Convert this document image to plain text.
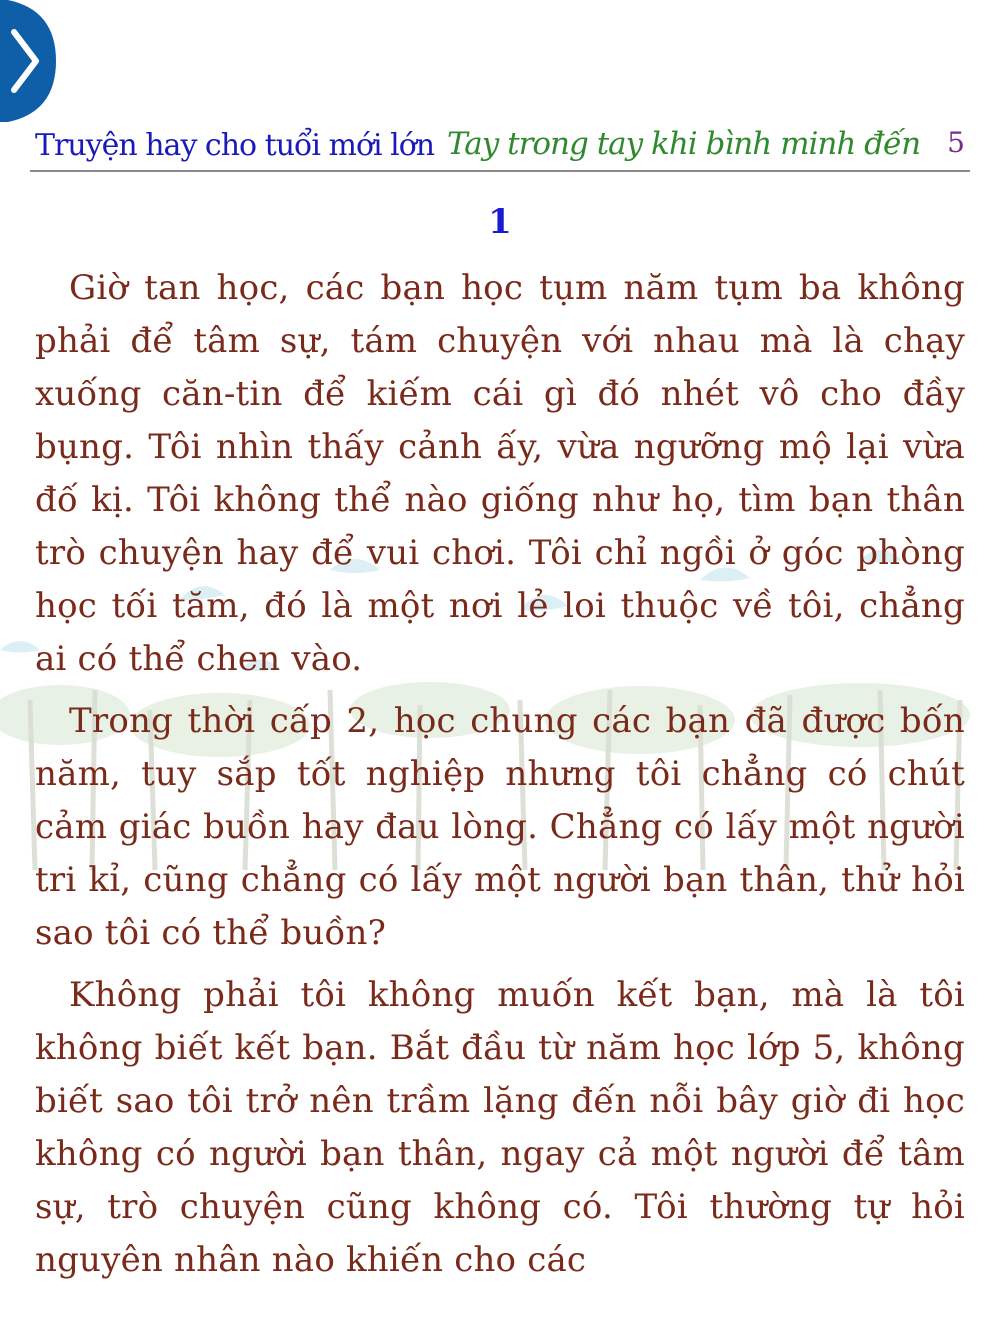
Truyện hay cho tuổi mới lớn Tay trong tay khi bình minh đến 5
1

Giờ tan học, các bạn học tụm năm tụm ba không phải để tâm sự, tám chuyện với nhau mà là chạy xuống căn-tin để kiếm cái gì đó nhét vô cho đầy bụng. Tôi nhìn thấy cảnh ấy, vừa ngưỡng mộ lại vừa đố kị. Tôi không thể nào giống như họ, tìm bạn thân trò chuyện hay để vui chơi. Tôi chỉ ngồi ở góc phòng học tối tăm, đó là một nơi lẻ loi thuộc về tôi, chẳng ai có thể chen vào.

Trong thời cấp 2, học chung các bạn đã được bốn năm, tuy sắp tốt nghiệp nhưng tôi chẳng có chút cảm giác buồn hay đau lòng. Chẳng có lấy một người tri kỉ, cũng chẳng có lấy một người bạn thân, thử hỏi sao tôi có thể buồn?

Không phải tôi không muốn kết bạn, mà là tôi không biết kết bạn. Bắt đầu từ năm học lớp 5, không biết sao tôi trở nên trầm lặng đến nỗi bây giờ đi học không có người bạn thân, ngay cả một người để tâm sự, trò chuyện cũng không có. Tôi thường tự hỏi nguyên nhân nào khiến cho các
